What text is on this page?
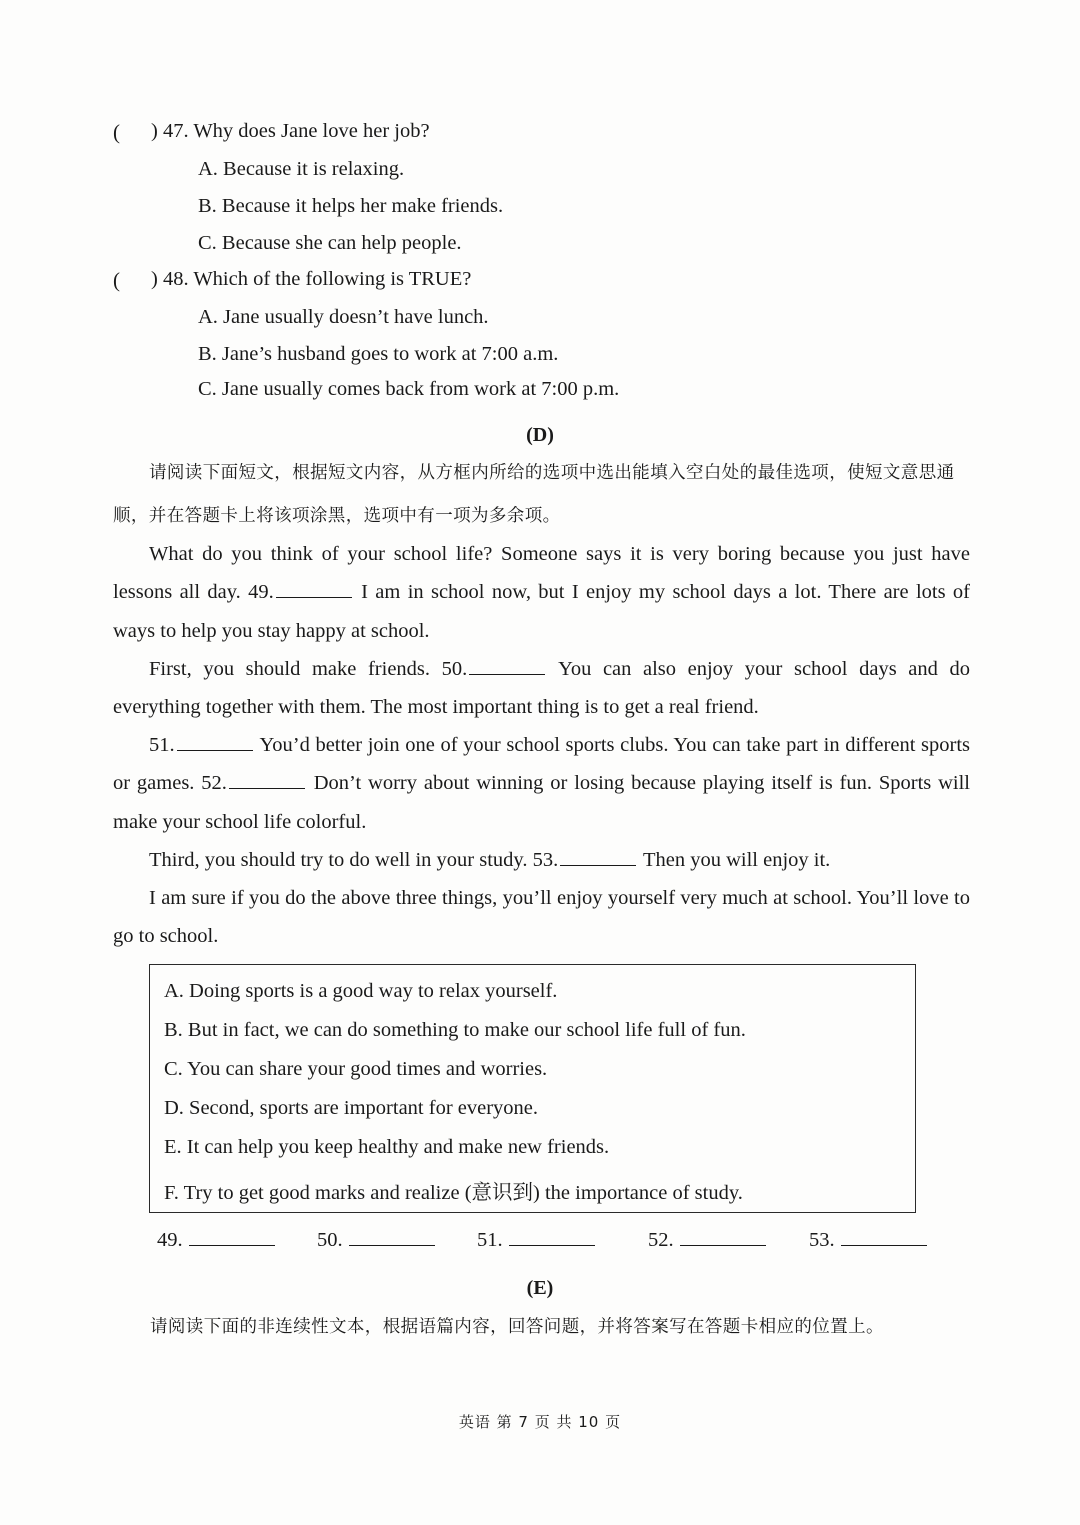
( ) 47. Why does Jane love her job?
A. Because it is relaxing.
B. Because it helps her make friends.
C. Because she can help people.
( ) 48. Which of the following is TRUE?
A. Jane usually doesn’t have lunch.
B. Jane’s husband goes to work at 7:00 a.m.
C. Jane usually comes back from work at 7:00 p.m.
(D)
请阅读下面短文，根据短文内容，从方框内所给的选项中选出能填入空白处的最佳选项，使短文意思通顺，并在答题卡上将该项涂黑，选项中有一项为多余项。
What do you think of your school life? Someone says it is very boring because you just have lessons all day. 49.	I am in school now, but I enjoy my school days a lot. There are lots of ways to help you stay happy at school.
First, you should make friends. 50.	You can also enjoy your school days and do everything together with them. The most important thing is to get a real friend.
51.	You’d better join one of your school sports clubs. You can take part in different sports or games. 52.	Don’t worry about winning or losing because playing itself is fun. Sports will make your school life colorful.
Third, you should try to do well in your study. 53.	Then you will enjoy it.
I am sure if you do the above three things, you’ll enjoy yourself very much at school. You’ll love to go to school.
A. Doing sports is a good way to relax yourself.
B. But in fact, we can do something to make our school life full of fun.
C. You can share your good times and worries.
D. Second, sports are important for everyone.
E. It can help you keep healthy and make new friends.
F. Try to get good marks and realize (意识到) the importance of study.
49.	50.	51.	52.	53.
(E)
请阅读下面的非连续性文本，根据语篇内容，回答问题，并将答案写在答题卡相应的位置上。
英语 第 7 页 共 10 页
